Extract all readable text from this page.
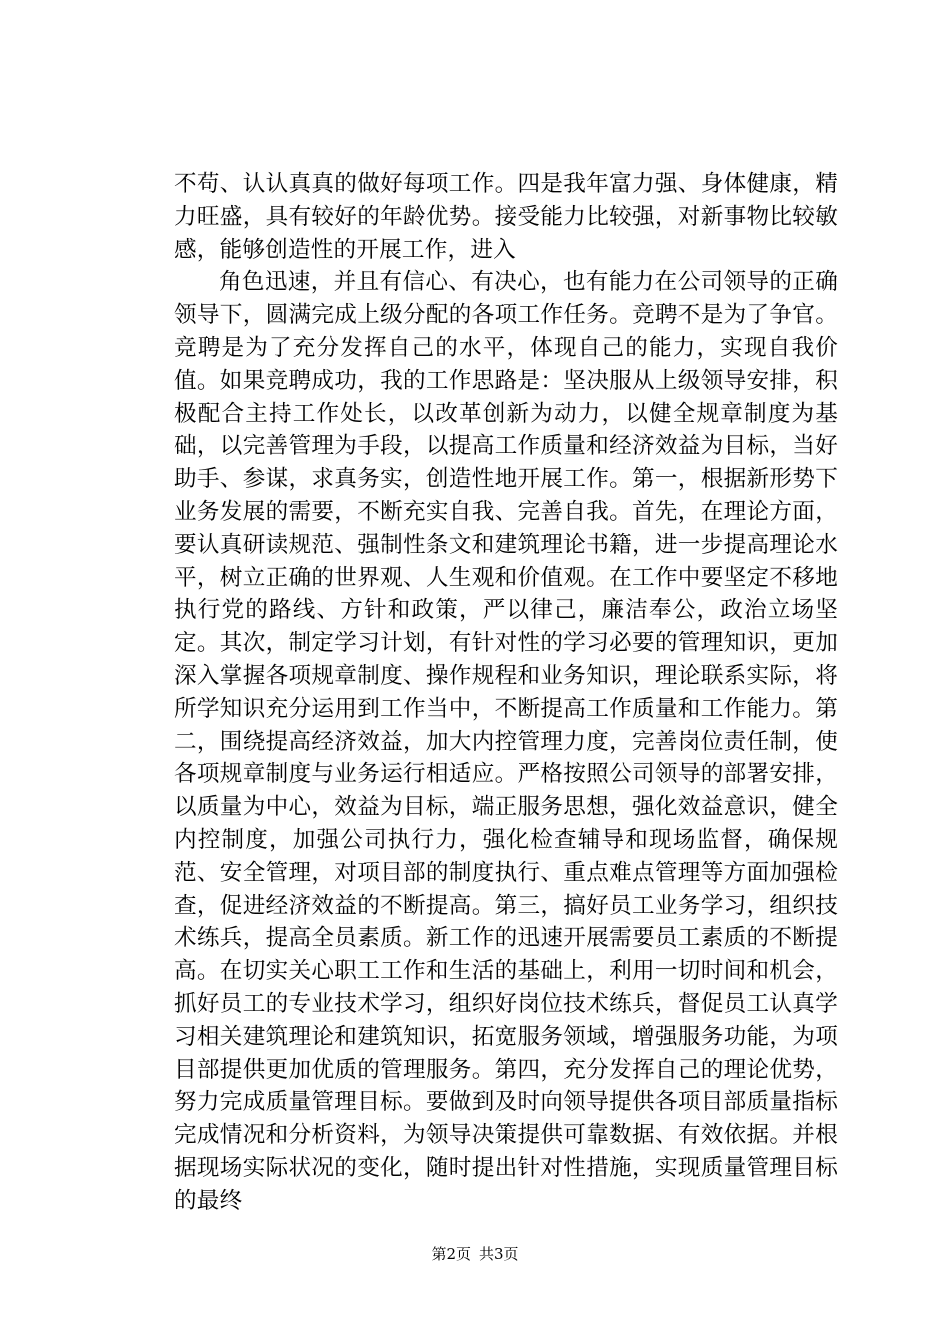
不苟、认认真真的做好每项工作。四是我年富力强、身体健康，精力旺盛，具有较好的年龄优势。接受能力比较强，对新事物比较敏感，能够创造性的开展工作，进入

角色迅速，并且有信心、有决心，也有能力在公司领导的正确领导下，圆满完成上级分配的各项工作任务。竞聘不是为了争官。竞聘是为了充分发挥自己的水平，体现自己的能力，实现自我价值。如果竞聘成功，我的工作思路是：坚决服从上级领导安排，积极配合主持工作处长，以改革创新为动力，以健全规章制度为基础，以完善管理为手段，以提高工作质量和经济效益为目标，当好助手、参谋，求真务实，创造性地开展工作。第一，根据新形势下业务发展的需要，不断充实自我、完善自我。首先，在理论方面，要认真研读规范、强制性条文和建筑理论书籍，进一步提高理论水平，树立正确的世界观、人生观和价值观。在工作中要坚定不移地执行党的路线、方针和政策，严以律己，廉洁奉公，政治立场坚定。其次，制定学习计划，有针对性的学习必要的管理知识，更加深入掌握各项规章制度、操作规程和业务知识，理论联系实际，将所学知识充分运用到工作当中，不断提高工作质量和工作能力。第二，围绕提高经济效益，加大内控管理力度，完善岗位责任制，使各项规章制度与业务运行相适应。严格按照公司领导的部署安排，以质量为中心，效益为目标，端正服务思想，强化效益意识，健全内控制度，加强公司执行力，强化检查辅导和现场监督，确保规范、安全管理，对项目部的制度执行、重点难点管理等方面加强检查，促进经济效益的不断提高。第三，搞好员工业务学习，组织技术练兵，提高全员素质。新工作的迅速开展需要员工素质的不断提高。在切实关心职工工作和生活的基础上，利用一切时间和机会，抓好员工的专业技术学习，组织好岗位技术练兵，督促员工认真学习相关建筑理论和建筑知识，拓宽服务领域，增强服务功能，为项目部提供更加优质的管理服务。第四，充分发挥自己的理论优势，努力完成质量管理目标。要做到及时向领导提供各项目部质量指标完成情况和分析资料，为领导决策提供可靠数据、有效依据。并根据现场实际状况的变化，随时提出针对性措施，实现质量管理目标的最终

第2页 共3页
